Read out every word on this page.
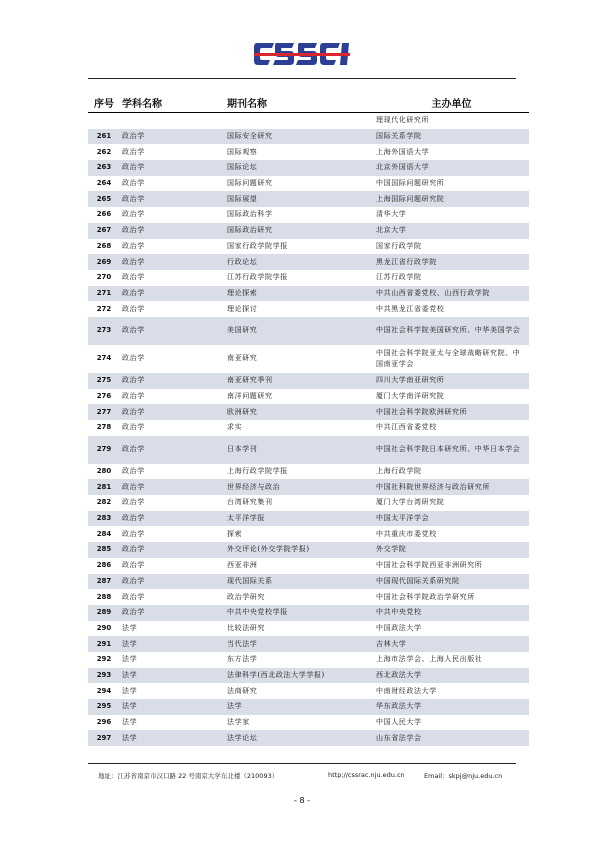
序号	学科名称	期刊名称	主办单位
			理现代化研究所
261	政治学	国际安全研究	国际关系学院
262	政治学	国际观察	上海外国语大学
263	政治学	国际论坛	北京外国语大学
264	政治学	国际问题研究	中国国际问题研究所
265	政治学	国际展望	上海国际问题研究院
266	政治学	国际政治科学	清华大学
267	政治学	国际政治研究	北京大学
268	政治学	国家行政学院学报	国家行政学院
269	政治学	行政论坛	黑龙江省行政学院
270	政治学	江苏行政学院学报	江苏行政学院
271	政治学	理论探索	中共山西省委党校、山西行政学院
272	政治学	理论探讨	中共黑龙江省委党校
273	政治学	美国研究	中国社会科学院美国研究所、中华美国学会
274	政治学	南亚研究	中国社会科学院亚太与全球战略研究院、中国南亚学会
275	政治学	南亚研究季刊	四川大学南亚研究所
276	政治学	南洋问题研究	厦门大学南洋研究院
277	政治学	欧洲研究	中国社会科学院欧洲研究所
278	政治学	求实	中共江西省委党校
279	政治学	日本学刊	中国社会科学院日本研究所、中华日本学会
280	政治学	上海行政学院学报	上海行政学院
281	政治学	世界经济与政治	中国社科院世界经济与政治研究所
282	政治学	台湾研究集刊	厦门大学台湾研究院
283	政治学	太平洋学报	中国太平洋学会
284	政治学	探索	中共重庆市委党校
285	政治学	外交评论(外交学院学报)	外交学院
286	政治学	西亚非洲	中国社会科学院西亚非洲研究所
287	政治学	现代国际关系	中国现代国际关系研究院
288	政治学	政治学研究	中国社会科学院政治学研究所
289	政治学	中共中央党校学报	中共中央党校
290	法学	比较法研究	中国政法大学
291	法学	当代法学	吉林大学
292	法学	东方法学	上海市法学会、上海人民出版社
293	法学	法律科学(西北政法大学学报)	西北政法大学
294	法学	法商研究	中南财经政法大学
295	法学	法学	华东政法大学
296	法学	法学家	中国人民大学
297	法学	法学论坛	山东省法学会
地址：江苏省南京市汉口路 22 号南京大学东北楼（210093）	http://cssrac.nju.edu.cn	Email：skpj@nju.edu.cn
- 8 -
